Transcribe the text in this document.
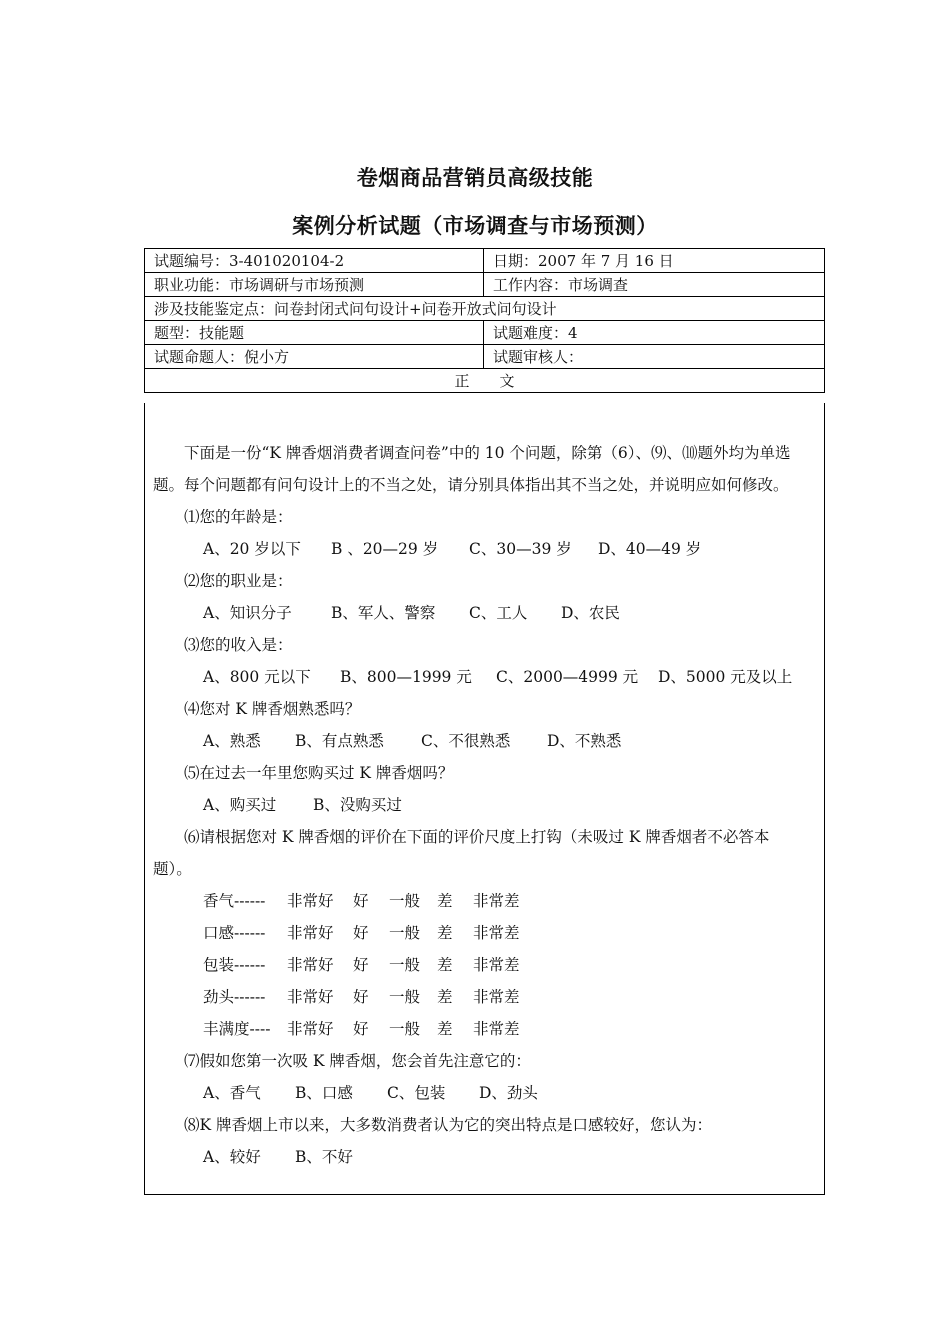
卷烟商品营销员高级技能
案例分析试题（市场调查与市场预测）
试题编号：3-401020104-2	日期：2007 年 7 月 16 日
职业功能：市场调研与市场预测	工作内容：市场调查
涉及技能鉴定点：问卷封闭式问句设计+问卷开放式问句设计	
题型：技能题	试题难度：4
试题命题人：倪小方	试题审核人：
正　　文	

下面是一份“K 牌香烟消费者调查问卷”中的 10 个问题，除第（6）、⑼、⑽题外均为单选题。每个问题都有问句设计上的不当之处，请分别具体指出其不当之处，并说明应如何修改。

⑴您的年龄是：
A、20 岁以下 B 、20—29 岁 C、30—39 岁 D、40—49 岁
⑵您的职业是：
A、知识分子	B、军人、警察 C、工人 D、农民
⑶您的收入是：
A、800 元以下 B、800—1999 元 C、2000—4999 元 D、5000 元及以上
⑷您对 K 牌香烟熟悉吗？
A、熟悉 B、有点熟悉 C、不很熟悉 D、不熟悉
⑸在过去一年里您购买过 K 牌香烟吗？
A、购买过 B、没购买过
⑹请根据您对 K 牌香烟的评价在下面的评价尺度上打钩（未吸过 K 牌香烟者不必答本
题）。
香气------ 非常好 好 一般 差 非常差
口感------ 非常好 好 一般 差 非常差
包装------ 非常好 好 一般 差 非常差
劲头------ 非常好 好 一般 差 非常差
丰满度---- 非常好 好 一般 差 非常差
⑺假如您第一次吸 K 牌香烟，您会首先注意它的：
A、香气 B、口感 C、包装 D、劲头
⑻K 牌香烟上市以来，大多数消费者认为它的突出特点是口感较好，您认为：
A、较好 B、不好
